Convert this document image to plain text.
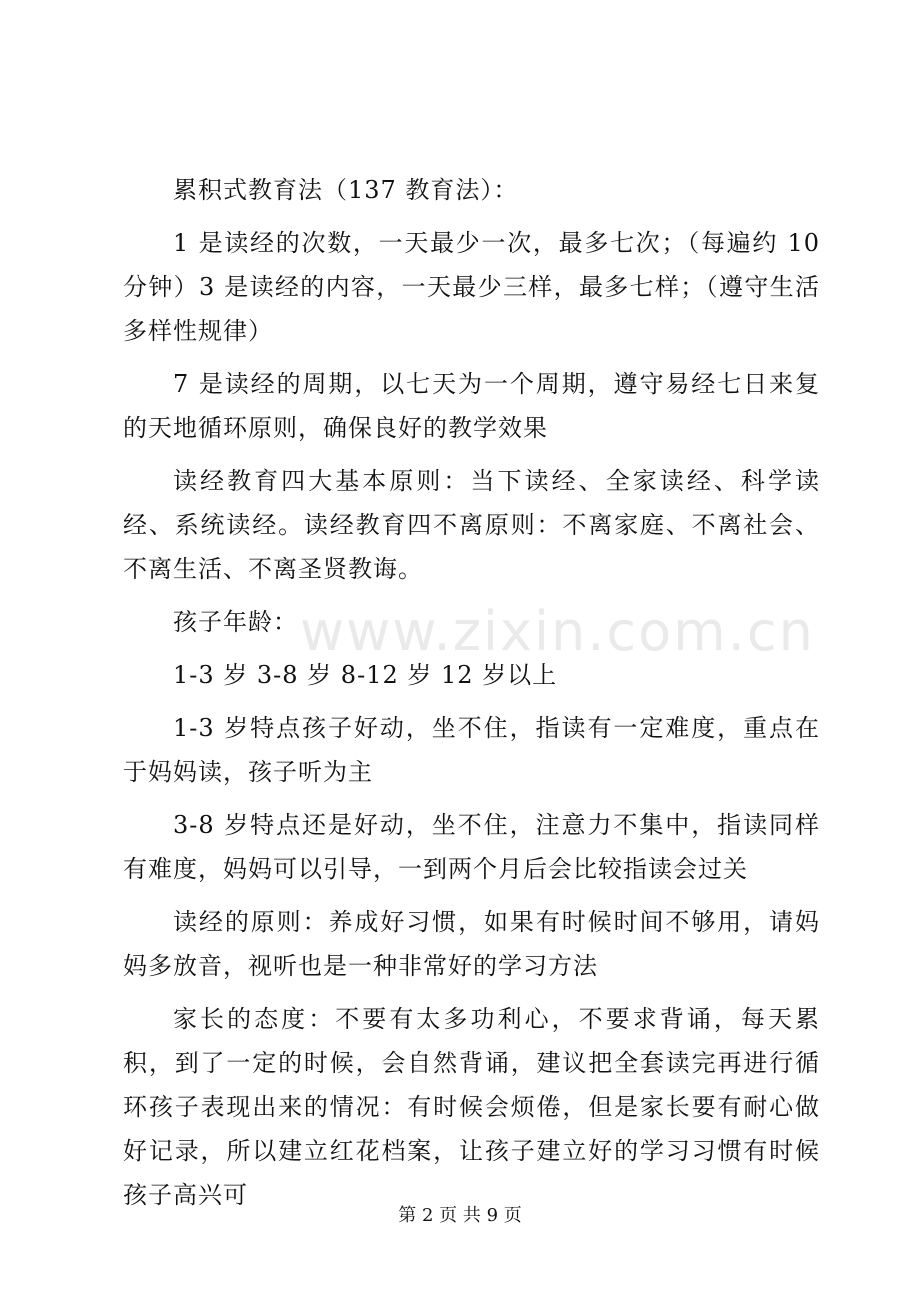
累积式教育法（137 教育法）：

1 是读经的次数，一天最少一次，最多七次；（每遍约 10 分钟）3 是读经的内容，一天最少三样，最多七样；（遵守生活多样性规律）

7 是读经的周期，以七天为一个周期，遵守易经七日来复的天地循环原则，确保良好的教学效果

读经教育四大基本原则：当下读经、全家读经、科学读经、系统读经。读经教育四不离原则：不离家庭、不离社会、不离生活、不离圣贤教诲。

孩子年龄：

1-3 岁 3-8 岁 8-12 岁 12 岁以上

1-3 岁特点孩子好动，坐不住，指读有一定难度，重点在于妈妈读，孩子听为主

3-8 岁特点还是好动，坐不住，注意力不集中，指读同样有难度，妈妈可以引导，一到两个月后会比较指读会过关

读经的原则：养成好习惯，如果有时候时间不够用，请妈妈多放音，视听也是一种非常好的学习方法

家长的态度：不要有太多功利心，不要求背诵，每天累积，到了一定的时候，会自然背诵，建议把全套读完再进行循环孩子表现出来的情况：有时候会烦倦，但是家长要有耐心做好记录，所以建立红花档案，让孩子建立好的学习习惯有时候孩子高兴可

www.zixin.com.cn
第 2 页 共 9 页
